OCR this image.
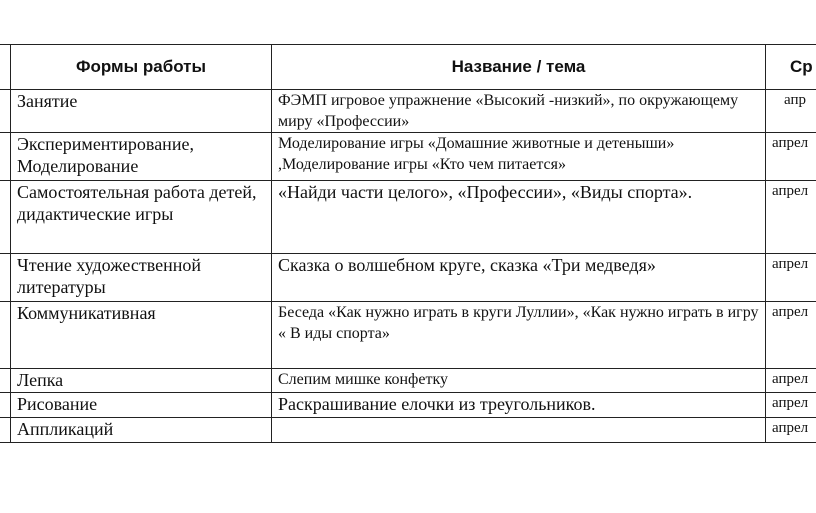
	Формы работы	Название / тема	Ср
	Занятие	ФЭМП игровое упражнение «Высокий -низкий», по окружающему миру «Профессии»	апр
	Экспериментирование, Моделирование	Моделирование игры «Домашние животные и детеныши» ,Моделирование игры «Кто чем питается»	апрел
	Самостоятельная работа детей, дидактические игры	«Найди части целого», «Профессии», «Виды спорта».	апрел
	Чтение художественной литературы	Сказка о волшебном круге, сказка «Три медведя»	апрел
	Коммуникативная	Беседа «Как нужно играть в круги Луллии», «Как нужно играть в игру « В иды спорта»	апрел
	Лепка	Слепим мишке конфетку	апрел
	Рисование	Раскрашивание елочки из треугольников.	апрел
	Аппликаций		апрел
